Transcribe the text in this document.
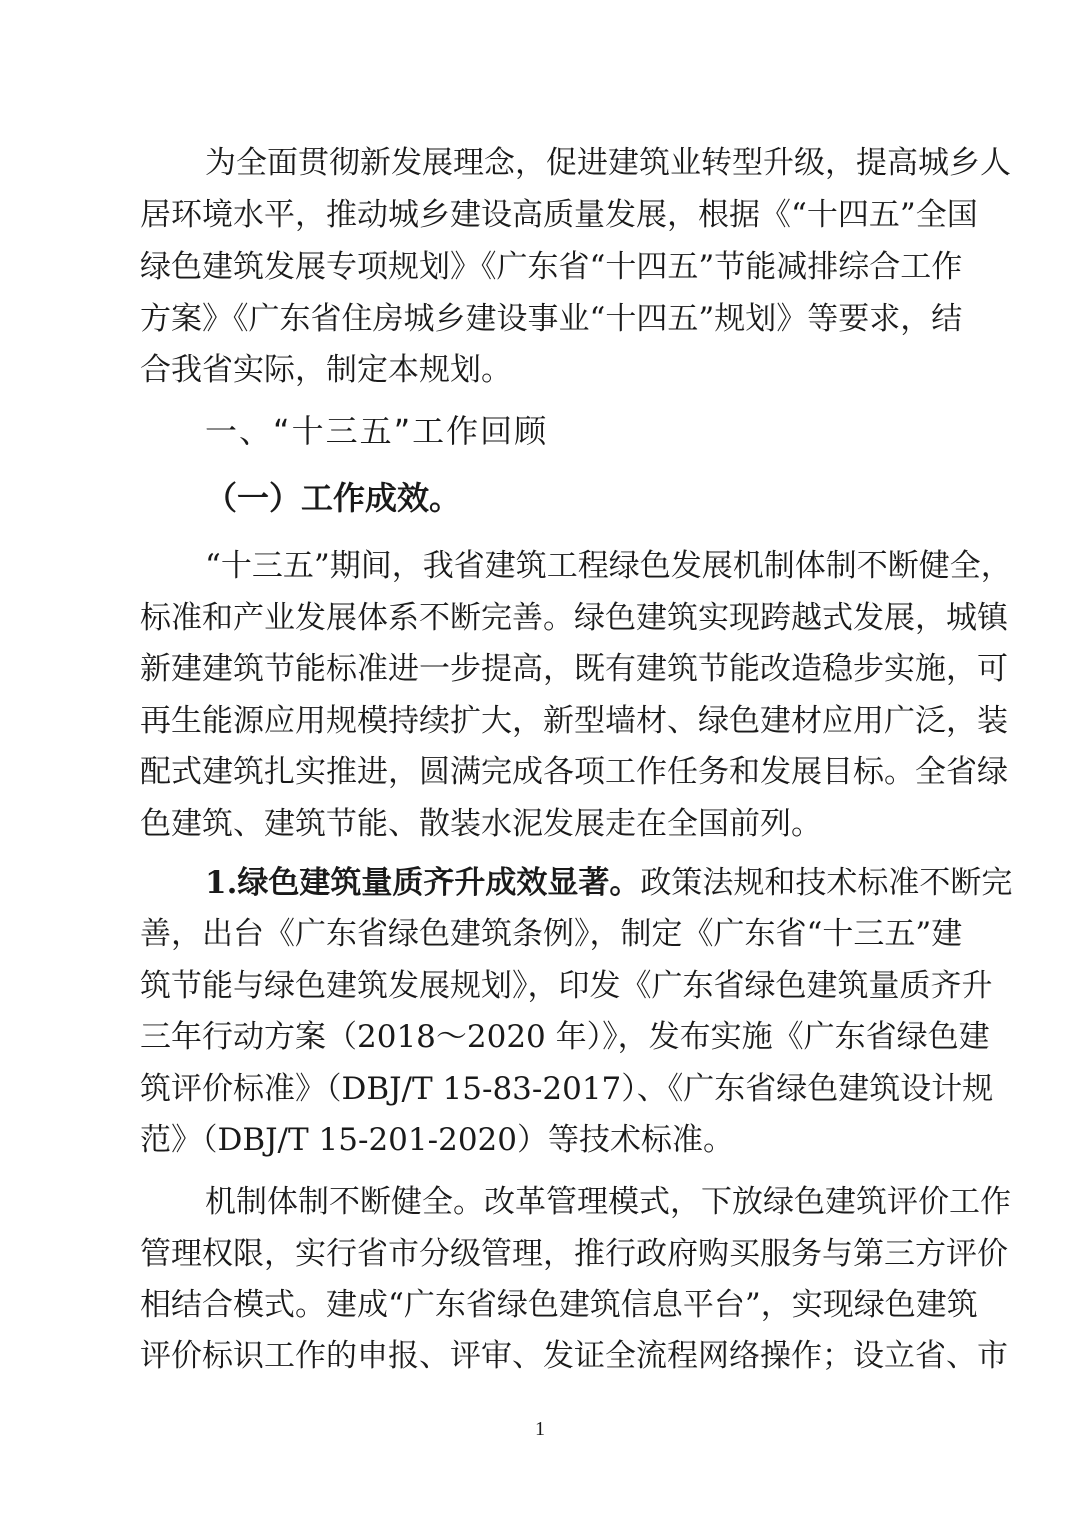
为全面贯彻新发展理念，促进建筑业转型升级，提高城乡人
居环境水平，推动城乡建设高质量发展，根据《“十四五”全国
绿色建筑发展专项规划》《广东省“十四五”节能减排综合工作
方案》《广东省住房城乡建设事业“十四五”规划》等要求，结
合我省实际，制定本规划。
一、“十三五”工作回顾
（一）工作成效。
“十三五”期间，我省建筑工程绿色发展机制体制不断健全，
标准和产业发展体系不断完善。绿色建筑实现跨越式发展，城镇
新建建筑节能标准进一步提高，既有建筑节能改造稳步实施，可
再生能源应用规模持续扩大，新型墙材、绿色建材应用广泛，装
配式建筑扎实推进，圆满完成各项工作任务和发展目标。全省绿
色建筑、建筑节能、散装水泥发展走在全国前列。
1.绿色建筑量质齐升成效显著。政策法规和技术标准不断完
善，出台《广东省绿色建筑条例》，制定《广东省“十三五”建
筑节能与绿色建筑发展规划》，印发《广东省绿色建筑量质齐升
三年行动方案（2018～2020 年）》，发布实施《广东省绿色建
筑评价标准》（DBJ/T 15-83-2017）、《广东省绿色建筑设计规
范》（DBJ/T 15-201-2020）等技术标准。
机制体制不断健全。改革管理模式，下放绿色建筑评价工作
管理权限，实行省市分级管理，推行政府购买服务与第三方评价
相结合模式。建成“广东省绿色建筑信息平台”，实现绿色建筑
评价标识工作的申报、评审、发证全流程网络操作；设立省、市
1
